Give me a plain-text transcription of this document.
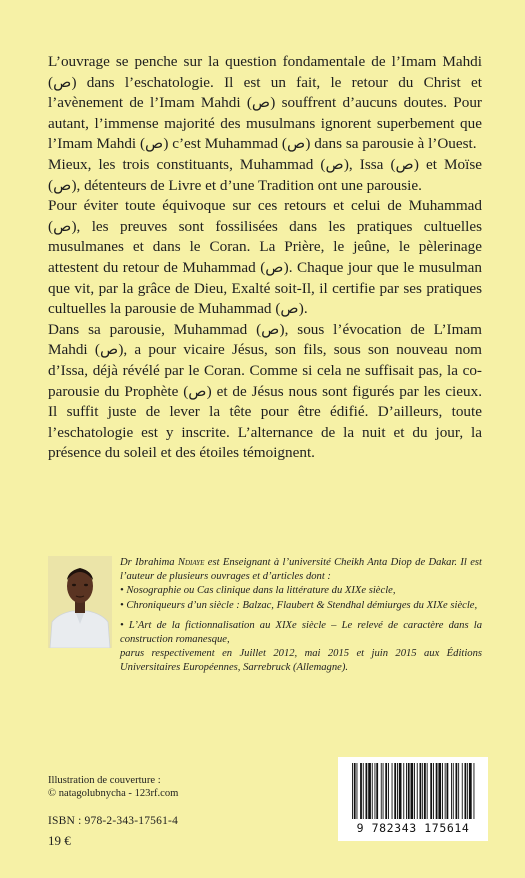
L’ouvrage se penche sur la question fondamentale de l’Imam Mahdi (ص) dans l’eschatologie. Il est un fait, le retour du Christ et l’avènement de l’Imam Mahdi (ص) souffrent d’aucuns doutes. Pour autant, l’immense majorité des musulmans ignorent superbement que l’Imam Mahdi (ص) c’est Muhammad (ص) dans sa parousie à l’Ouest.

Mieux, les trois constituants, Muhammad (ص), Issa (ص) et Moïse (ص), détenteurs de Livre et d’une Tradition ont une parousie.

Pour éviter toute équivoque sur ces retours et celui de Muhammad (ص), les preuves sont fossilisées dans les pratiques cultuelles musulmanes et dans le Coran. La Prière, le jeûne, le pèlerinage attestent du retour de Muhammad (ص). Chaque jour que le musulman que vit, par la grâce de Dieu, Exalté soit-Il, il certifie par ses pratiques cultuelles la parousie de Muhammad (ص).

Dans sa parousie, Muhammad (ص), sous l’évocation de L’Imam Mahdi (ص), a pour vicaire Jésus, son fils, sous son nouveau nom d’Issa, déjà révélé par le Coran. Comme si cela ne suffisait pas, la co-parousie du Prophète (ص) et de Jésus nous sont figurés par les cieux. Il suffit juste de lever la tête pour être édifié. D’ailleurs, toute l’eschatologie est y inscrite. L’alternance de la nuit et du jour, la présence du soleil et des étoiles témoignent.

Dr Ibrahima Ndiaye est Enseignant à l’université Cheikh Anta Diop de Dakar. Il est l’auteur de plusieurs ouvrages et d’articles dont :

• Nosographie ou Cas clinique dans la littérature du XIXe siècle,

• Chroniqueurs d’un siècle : Balzac, Flaubert & Stendhal démiurges du XIXe siècle,

• L’Art de la fictionnalisation au XIXe siècle – Le relevé de caractère dans la construction romanesque,

parus respectivement en Juillet 2012, mai 2015 et juin 2015 aux Éditions Universitaires Européennes, Sarrebruck (Allemagne).

Illustration de couverture :
© natagolubnycha - 123rf.com
ISBN : 978-2-343-17561-4
19 €
9 782343 175614
